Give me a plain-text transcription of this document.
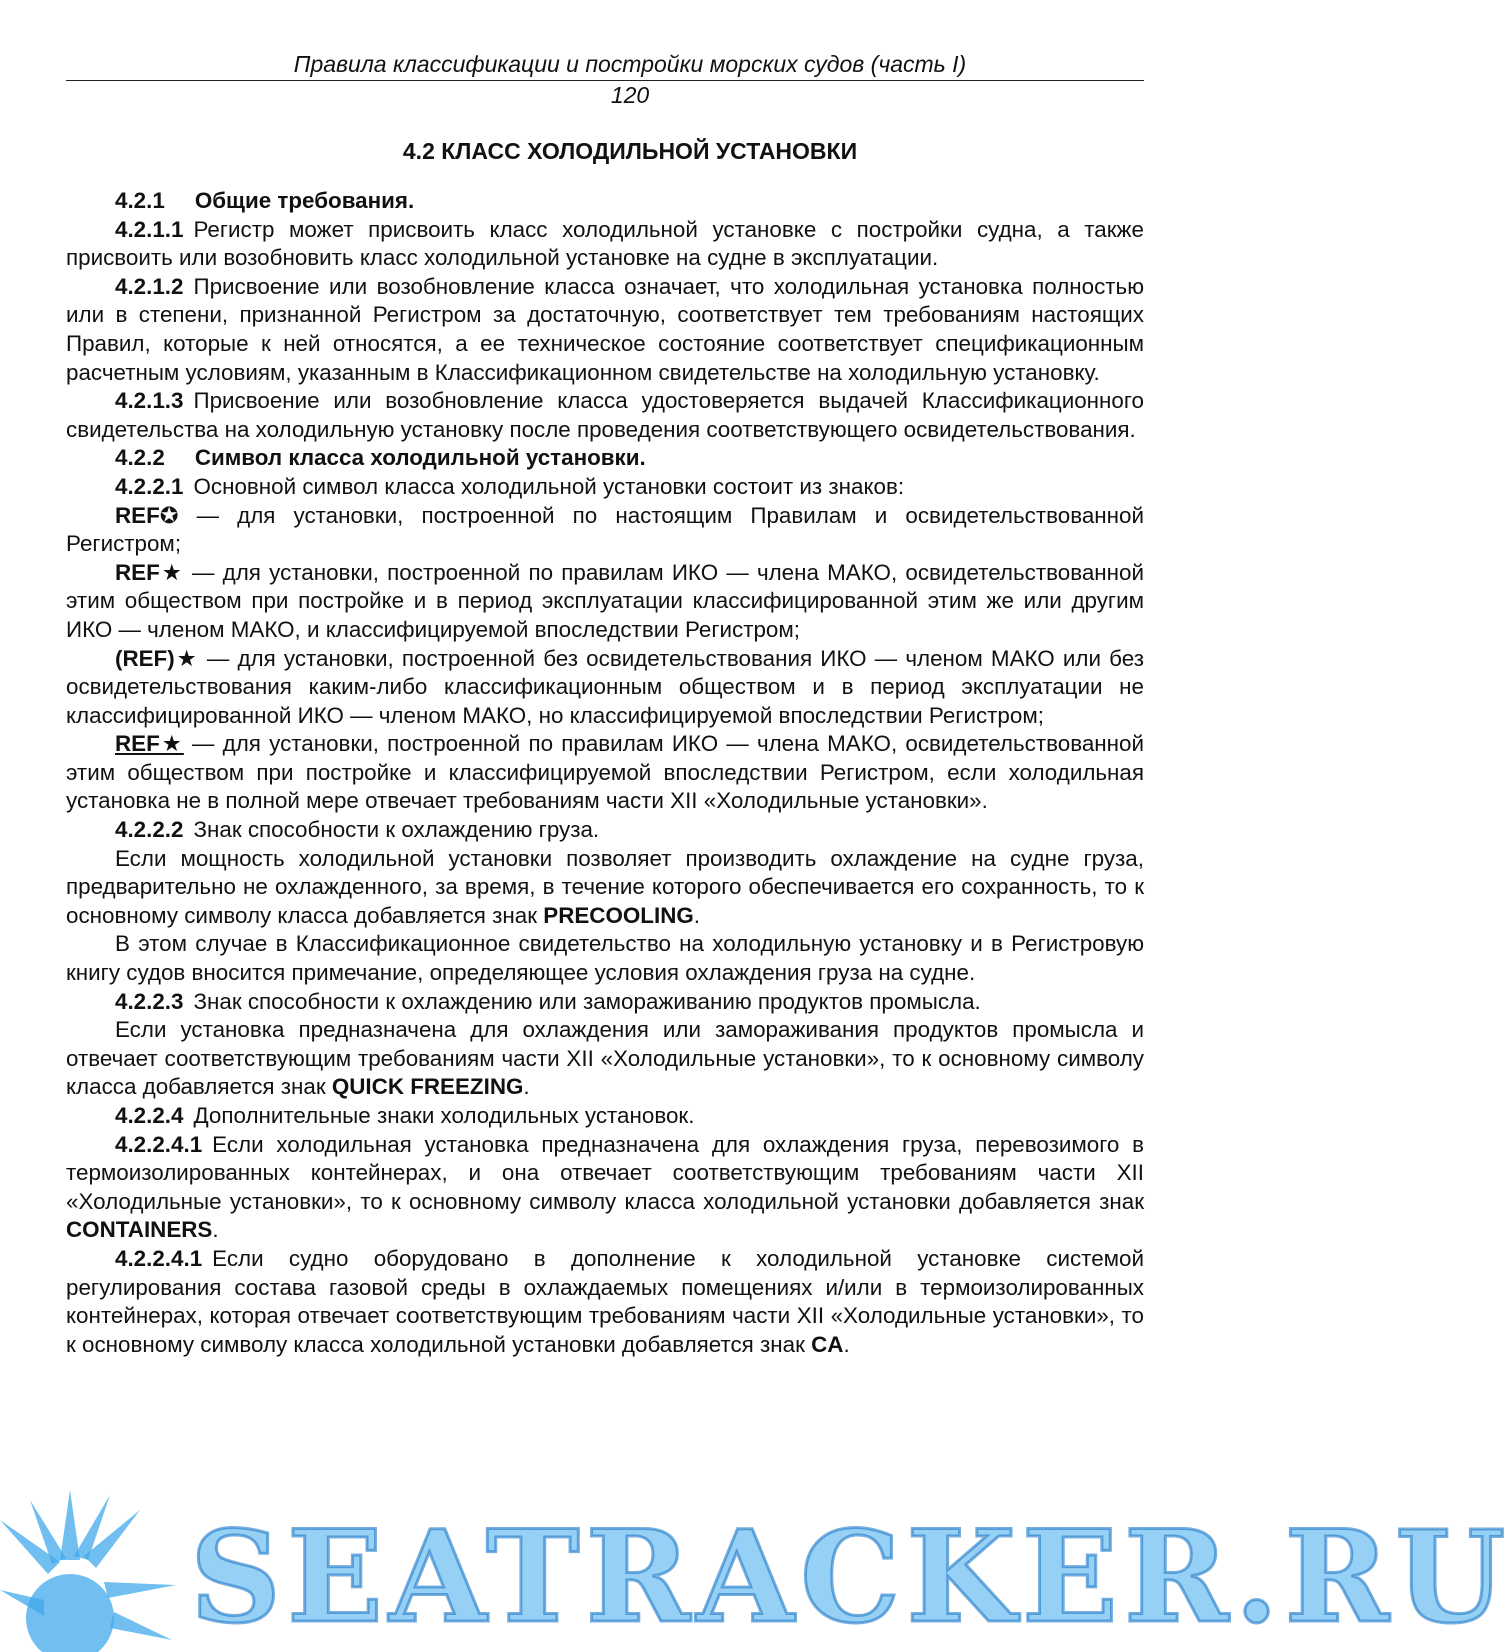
Правила классификации и постройки морских судов (часть I)
120
4.2 КЛАСС ХОЛОДИЛЬНОЙ УСТАНОВКИ

4.2.1 Общие требования.

4.2.1.1 Регистр может присвоить класс холодильной установке с постройки судна, а также присвоить или возобновить класс холодильной установке на судне в эксплуатации.

4.2.1.2 Присвоение или возобновление класса означает, что холодильная установка полностью или в степени, признанной Регистром за достаточную, соответствует тем требованиям настоящих Правил, которые к ней относятся, а ее техническое состояние соответствует спецификационным расчетным условиям, указанным в Классификационном свидетельстве на холодильную установку.

4.2.1.3 Присвоение или возобновление класса удостоверяется выдачей Классификационного свидетельства на холодильную установку после проведения соответствующего освидетельствования.

4.2.2 Символ класса холодильной установки.

4.2.2.1 Основной символ класса холодильной установки состоит из знаков:

REF✪ — для установки, построенной по настоящим Правилам и освидетельствованной Регистром;

REF★ — для установки, построенной по правилам ИКО — члена МАКО, освидетельствованной этим обществом при постройке и в период эксплуатации классифицированной этим же или другим ИКО — членом МАКО, и классифицируемой впоследствии Регистром;

(REF)★ — для установки, построенной без освидетельствования ИКО — членом МАКО или без освидетельствования каким-либо классификационным обществом и в период эксплуатации не классифицированной ИКО — членом МАКО, но классифицируемой впоследствии Регистром;

REF★ — для установки, построенной по правилам ИКО — члена МАКО, освидетельствованной этим обществом при постройке и классифицируемой впоследствии Регистром, если холодильная установка не в полной мере отвечает требованиям части XII «Холодильные установки».

4.2.2.2 Знак способности к охлаждению груза.

Если мощность холодильной установки позволяет производить охлаждение на судне груза, предварительно не охлажденного, за время, в течение которого обеспечивается его сохранность, то к основному символу класса добавляется знак PRECOOLING.

В этом случае в Классификационное свидетельство на холодильную установку и в Регистровую книгу судов вносится примечание, определяющее условия охлаждения груза на судне.

4.2.2.3 Знак способности к охлаждению или замораживанию продуктов промысла.

Если установка предназначена для охлаждения или замораживания продуктов промысла и отвечает соответствующим требованиям части XII «Холодильные установки», то к основному символу класса добавляется знак QUICK FREEZING.

4.2.2.4 Дополнительные знаки холодильных установок.

4.2.2.4.1 Если холодильная установка предназначена для охлаждения груза, перевозимого в термоизолированных контейнерах, и она отвечает соответствующим требованиям части XII «Холодильные установки», то к основному символу класса холодильной установки добавляется знак CONTAINERS.

4.2.2.4.1 Если судно оборудовано в дополнение к холодильной установке системой регулирования состава газовой среды в охлаждаемых помещениях и/или в термоизолированных контейнерах, которая отвечает соответствующим требованиям части XII «Холодильные установки», то к основному символу класса холодильной установки добавляется знак CA.

SEATRACKER.RU
